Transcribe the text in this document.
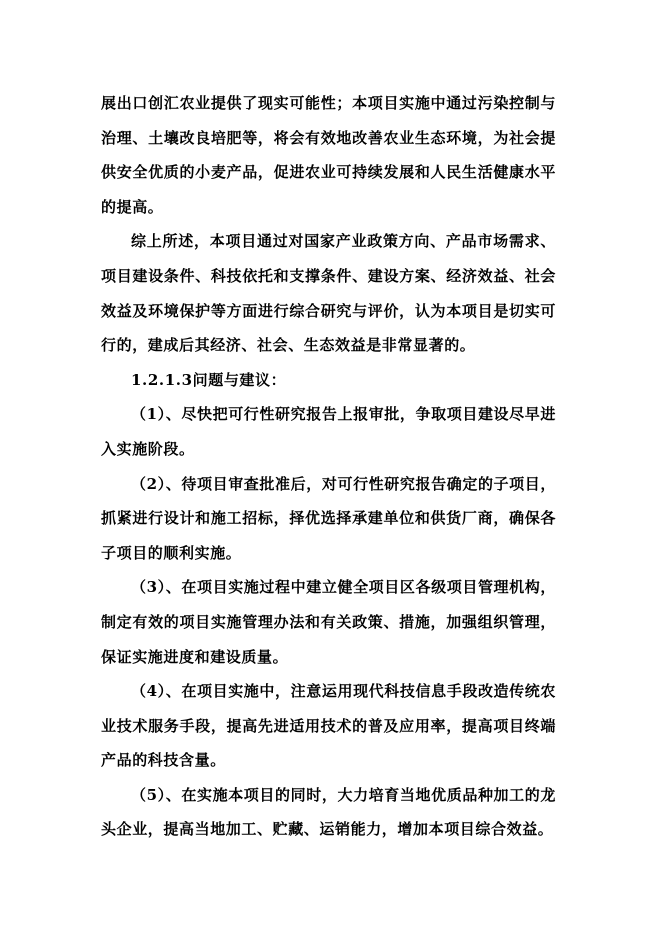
展出口创汇农业提供了现实可能性；本项目实施中通过污染控制与治理、土壤改良培肥等，将会有效地改善农业生态环境，为社会提供安全优质的小麦产品，促进农业可持续发展和人民生活健康水平的提高。

综上所述，本项目通过对国家产业政策方向、产品市场需求、项目建设条件、科技依托和支撑条件、建设方案、经济效益、社会效益及环境保护等方面进行综合研究与评价，认为本项目是切实可行的，建成后其经济、社会、生态效益是非常显著的。

1.2.1.3问题与建议：

（1）、尽快把可行性研究报告上报审批，争取项目建设尽早进入实施阶段。

（2）、待项目审查批准后，对可行性研究报告确定的子项目，抓紧进行设计和施工招标，择优选择承建单位和供货厂商，确保各子项目的顺利实施。

（3）、在项目实施过程中建立健全项目区各级项目管理机构，制定有效的项目实施管理办法和有关政策、措施，加强组织管理，保证实施进度和建设质量。

（4）、在项目实施中，注意运用现代科技信息手段改造传统农业技术服务手段，提高先进适用技术的普及应用率，提高项目终端产品的科技含量。

（5）、在实施本项目的同时，大力培育当地优质品种加工的龙头企业，提高当地加工、贮藏、运销能力，增加本项目综合效益。
